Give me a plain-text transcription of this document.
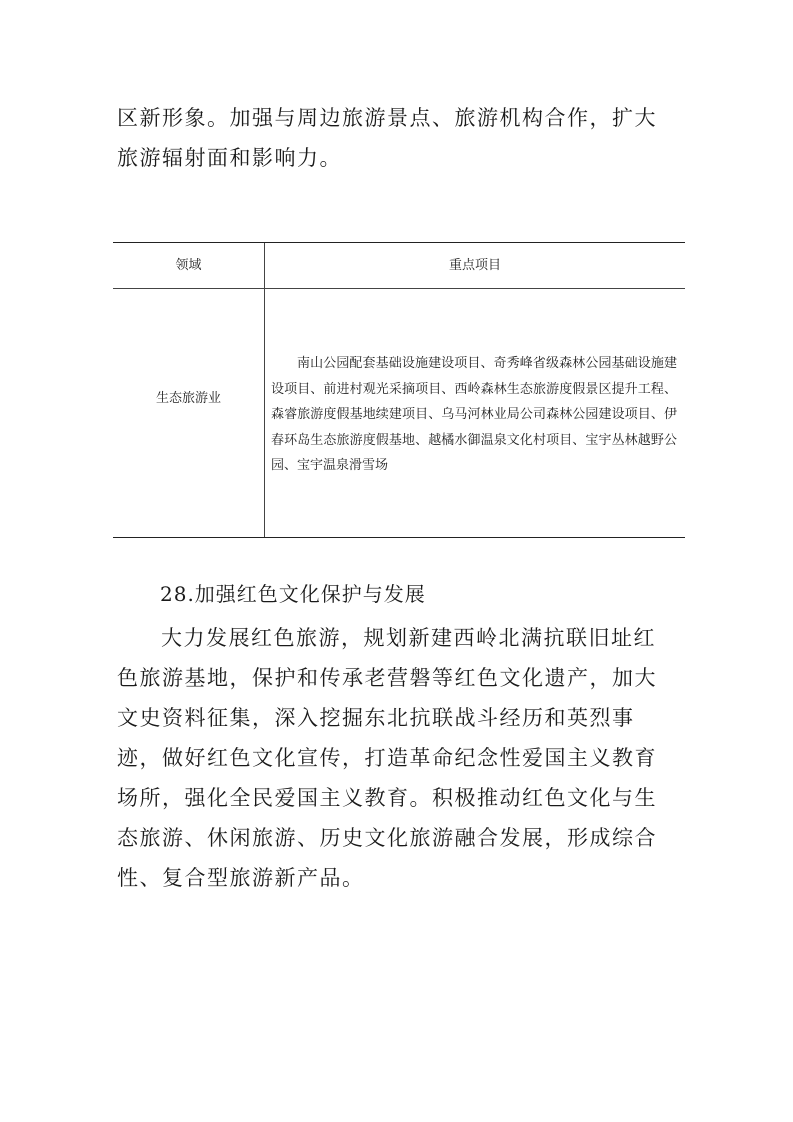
区新形象。加强与周边旅游景点、旅游机构合作，扩大旅游辐射面和影响力。

领域	重点项目
生态旅游业

南山公园配套基础设施建设项目、奇秀峰省级森林公园基础设施建设项目、前进村观光采摘项目、西岭森林生态旅游度假景区提升工程、森睿旅游度假基地续建项目、乌马河林业局公司森林公园建设项目、伊春环岛生态旅游度假基地、越橘水御温泉文化村项目、宝宇丛林越野公园、宝宇温泉滑雪场

28.加强红色文化保护与发展

大力发展红色旅游，规划新建西岭北满抗联旧址红色旅游基地，保护和传承老营磐等红色文化遗产，加大文史资料征集，深入挖掘东北抗联战斗经历和英烈事迹，做好红色文化宣传，打造革命纪念性爱国主义教育场所，强化全民爱国主义教育。积极推动红色文化与生态旅游、休闲旅游、历史文化旅游融合发展，形成综合性、复合型旅游新产品。
